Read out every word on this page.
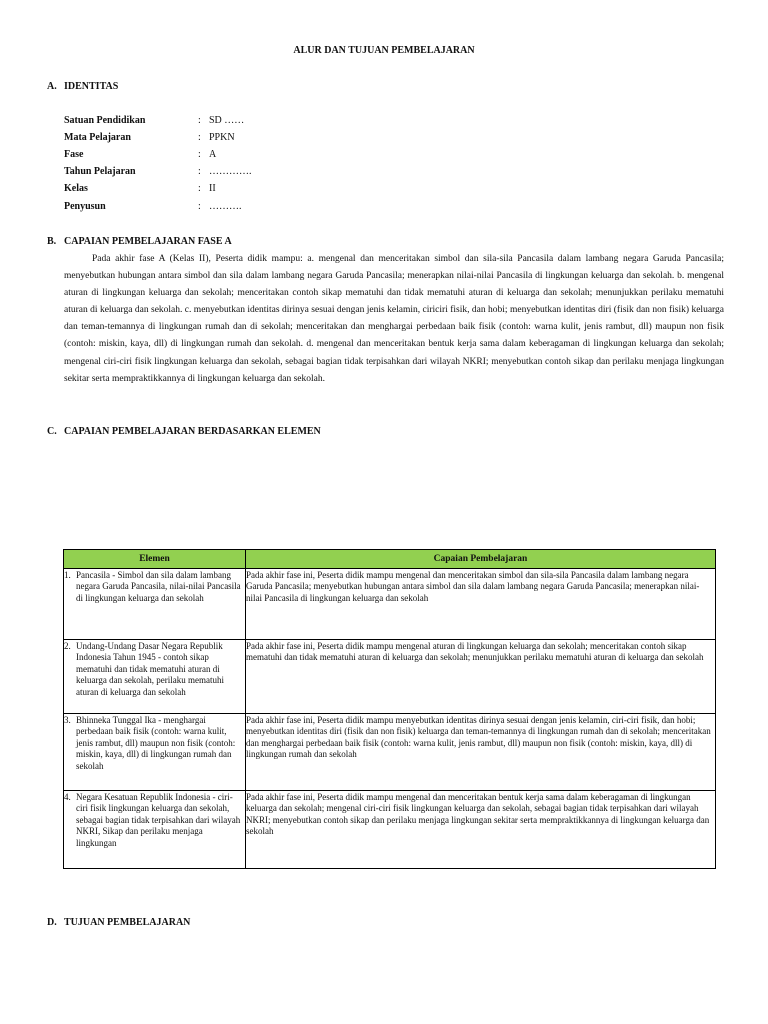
ALUR DAN TUJUAN PEMBELAJARAN
A. IDENTITAS
Satuan Pendidikan	: SD ……
Mata Pelajaran	: PPKN
Fase	: A
Tahun Pelajaran	: ………….
Kelas	: II
Penyusun	: ……….
B. CAPAIAN PEMBELAJARAN FASE A
Pada akhir fase A (Kelas II), Peserta didik mampu: a. mengenal dan menceritakan simbol dan sila-sila Pancasila dalam lambang negara Garuda Pancasila; menyebutkan hubungan antara simbol dan sila dalam lambang negara Garuda Pancasila; menerapkan nilai-nilai Pancasila di lingkungan keluarga dan sekolah. b. mengenal aturan di lingkungan keluarga dan sekolah; menceritakan contoh sikap mematuhi dan tidak mematuhi aturan di keluarga dan sekolah; menunjukkan perilaku mematuhi aturan di keluarga dan sekolah. c. menyebutkan identitas dirinya sesuai dengan jenis kelamin, ciriciri fisik, dan hobi; menyebutkan identitas diri (fisik dan non fisik) keluarga dan teman-temannya di lingkungan rumah dan di sekolah; menceritakan dan menghargai perbedaan baik fisik (contoh: warna kulit, jenis rambut, dll) maupun non fisik (contoh: miskin, kaya, dll) di lingkungan rumah dan sekolah. d. mengenal dan menceritakan bentuk kerja sama dalam keberagaman di lingkungan keluarga dan sekolah; mengenal ciri-ciri fisik lingkungan keluarga dan sekolah, sebagai bagian tidak terpisahkan dari wilayah NKRI; menyebutkan contoh sikap dan perilaku menjaga lingkungan sekitar serta mempraktikkannya di lingkungan keluarga dan sekolah.
C. CAPAIAN PEMBELAJARAN BERDASARKAN ELEMEN
Elemen	Capaian Pembelajaran

1. Pancasila - Simbol dan sila dalam lambang negara Garuda Pancasila, nilai-nilai Pancasila di lingkungan keluarga dan sekolah	Pada akhir fase ini, Peserta didik mampu mengenal dan menceritakan simbol dan sila-sila Pancasila dalam lambang negara Garuda Pancasila; menyebutkan hubungan antara simbol dan sila dalam lambang negara Garuda Pancasila; menerapkan nilai-nilai Pancasila di lingkungan keluarga dan sekolah

2. Undang-Undang Dasar Negara Republik Indonesia Tahun 1945 - contoh sikap mematuhi dan tidak mematuhi aturan di keluarga dan sekolah, perilaku mematuhi aturan di keluarga dan sekolah	Pada akhir fase ini, Peserta didik mampu mengenal aturan di lingkungan keluarga dan sekolah; menceritakan contoh sikap mematuhi dan tidak mematuhi aturan di keluarga dan sekolah; menunjukkan perilaku mematuhi aturan di keluarga dan sekolah

3. Bhinneka Tunggal Ika - menghargai perbedaan baik fisik (contoh: warna kulit, jenis rambut, dll) maupun non fisik (contoh: miskin, kaya, dll) di lingkungan rumah dan sekolah	Pada akhir fase ini, Peserta didik mampu menyebutkan identitas dirinya sesuai dengan jenis kelamin, ciri-ciri fisik, dan hobi; menyebutkan identitas diri (fisik dan non fisik) keluarga dan teman-temannya di lingkungan rumah dan di sekolah; menceritakan dan menghargai perbedaan baik fisik (contoh: warna kulit, jenis rambut, dll) maupun non fisik (contoh: miskin, kaya, dll) di lingkungan rumah dan sekolah

4. Negara Kesatuan Republik Indonesia - ciri-ciri fisik lingkungan keluarga dan sekolah, sebagai bagian tidak terpisahkan dari wilayah NKRI, Sikap dan perilaku menjaga lingkungan	Pada akhir fase ini, Peserta didik mampu mengenal dan menceritakan bentuk kerja sama dalam keberagaman di lingkungan keluarga dan sekolah; mengenal ciri-ciri fisik lingkungan keluarga dan sekolah, sebagai bagian tidak terpisahkan dari wilayah NKRI; menyebutkan contoh sikap dan perilaku menjaga lingkungan sekitar serta mempraktikkannya di lingkungan keluarga dan sekolah
D. TUJUAN PEMBELAJARAN
